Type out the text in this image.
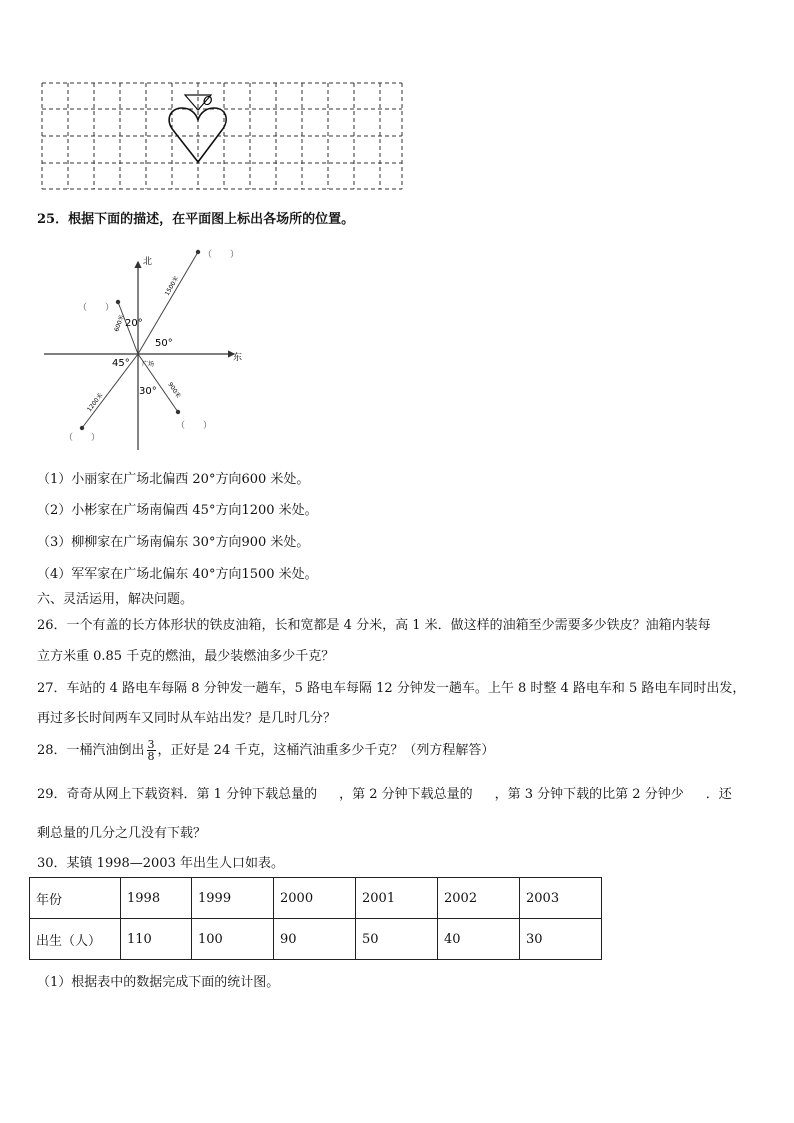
O
25．根据下面的描述，在平面图上标出各场所的位置。
北
东
广场
20°
50°
45°
30°
600米
1500米
1200米
900米
（　　）
（　　）
（　　）
（　　）
（1）小丽家在广场北偏西 20°方向600 米处。
（2）小彬家在广场南偏西 45°方向1200 米处。
（3）柳柳家在广场南偏东 30°方向900 米处。
（4）军军家在广场北偏东 40°方向1500 米处。
六、灵活运用，解决问题。
26．一个有盖的长方体形状的铁皮油箱，长和宽都是 4 分米，高 1 米．做这样的油箱至少需要多少铁皮？油箱内装每
立方米重 0.85 千克的燃油，最少装燃油多少千克？
27．车站的 4 路电车每隔 8 分钟发一趟车，5 路电车每隔 12 分钟发一趟车。上午 8 时整 4 路电车和 5 路电车同时出发，
再过多长时间两车又同时从车站出发？是几时几分？
28．一桶汽油倒出 $\frac{3}{8}$ ，正好是 24 千克，这桶汽油重多少千克？（列方程解答）
29．奇奇从网上下载资料．第 1 分钟下载总量的 ，第 2 分钟下载总量的 ，第 3 分钟下载的比第 2 分钟少 ．还
剩总量的几分之几没有下载？
30．某镇 1998—2003 年出生人口如表。
年份	1998	1999	2000	2001	2002	2003
出生（人）	110	100	90	50	40	30
（1）根据表中的数据完成下面的统计图。
